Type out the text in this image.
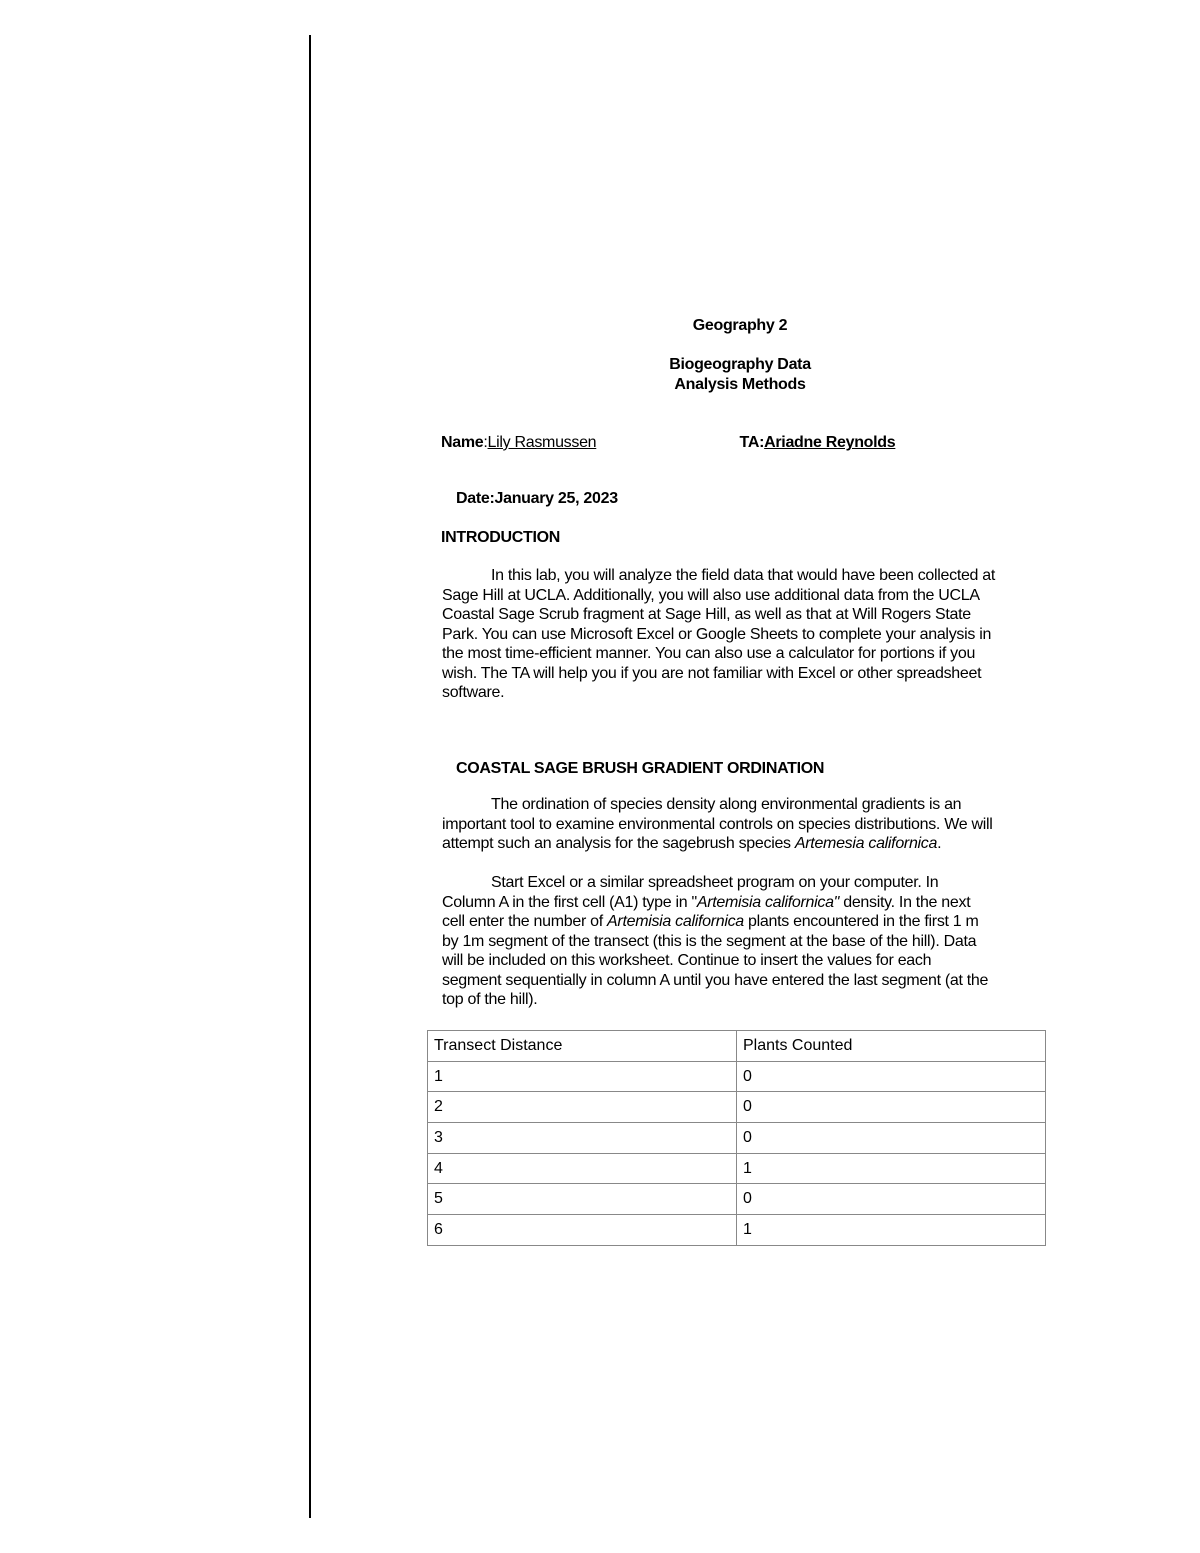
Geography 2
Biogeography Data
Analysis Methods
Name:Lily Rasmussen	TA:Ariadne Reynolds
Date:January 25, 2023
INTRODUCTION
In this lab, you will analyze the field data that would have been collected at
Sage Hill at UCLA. Additionally, you will also use additional data from the UCLA
Coastal Sage Scrub fragment at Sage Hill, as well as that at Will Rogers State
Park. You can use Microsoft Excel or Google Sheets to complete your analysis in
the most time-efficient manner. You can also use a calculator for portions if you
wish. The TA will help you if you are not familiar with Excel or other spreadsheet
software.
COASTAL SAGE BRUSH GRADIENT ORDINATION
The ordination of species density along environmental gradients is an
important tool to examine environmental controls on species distributions. We will
attempt such an analysis for the sagebrush species Artemesia californica.
Start Excel or a similar spreadsheet program on your computer. In
Column A in the first cell (A1) type in "Artemisia californica" density. In the next
cell enter the number of Artemisia californica plants encountered in the first 1 m
by 1m segment of the transect (this is the segment at the base of the hill). Data
will be included on this worksheet. Continue to insert the values for each
segment sequentially in column A until you have entered the last segment (at the
top of the hill).
Transect Distance	Plants Counted
1	0
2	0
3	0
4	1
5	0
6	1
